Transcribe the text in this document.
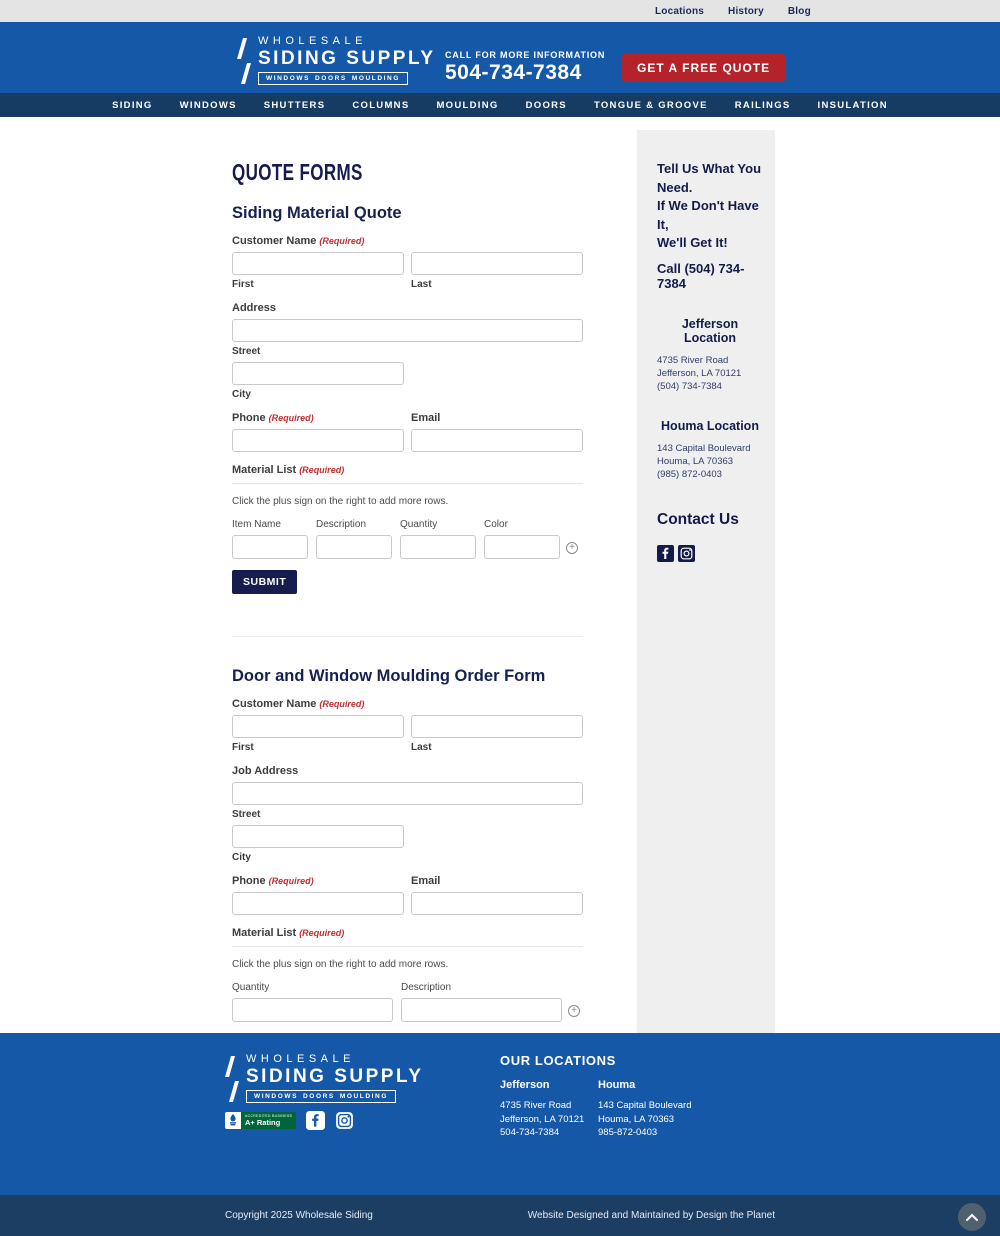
Locations History Blog
WHOLESALE
SIDING SUPPLY
WINDOWS DOORS MOULDING
CALL FOR MORE INFORMATION
504-734-7384	GET A FREE QUOTE
SIDING	WINDOWS	SHUTTERS	COLUMNS	MOULDING	DOORS	TONGUE & GROOVE	RAILINGS	INSULATION
QUOTE FORMS
Siding Material Quote
Customer Name (Required)
First	Last
Address
Street
City
Phone (Required)	Email
Material List (Required)
Click the plus sign on the right to add more rows.
Item Name	Description	Quantity	Color
+
SUBMIT
Door and Window Moulding Order Form
Customer Name (Required)
First	Last
Job Address
Street
City
Phone (Required)	Email
Material List (Required)
Click the plus sign on the right to add more rows.
Quantity	Description
+
Tell Us What You Need.
If We Don't Have It,
We'll Get It!
Call (504) 734-7384
Jefferson Location
4735 River Road
Jefferson, LA 70121
(504) 734-7384
Houma Location
143 Capital Boulevard
Houma, LA 70363
(985) 872-0403
Contact Us
WHOLESALE
SIDING SUPPLY
WINDOWS DOORS MOULDING
ACCREDITED BUSINESS
A+ Rating
OUR LOCATIONS
Jefferson
4735 River Road
Jefferson, LA 70121
504-734-7384
Houma
143 Capital Boulevard
Houma, LA 70363
985-872-0403
Copyright 2025 Wholesale Siding	Website Designed and Maintained by Design the Planet
